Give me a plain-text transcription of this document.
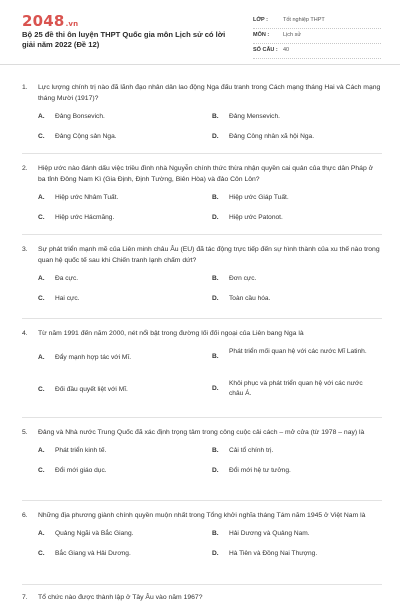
2048.vn
Bộ 25 đề thi ôn luyện THPT Quốc gia môn Lịch sử có lời giải năm 2022 (Đề 12)
LỚP :	Tốt nghiệp THPT
MÔN :	Lịch sử
SỐ CÂU : 40
1. Lực lượng chính trị nào đã lãnh đạo nhân dân lao động Nga đấu tranh trong Cách mạng tháng Hai và Cách mạng tháng Mười (1917)?
A. Đảng Bonsevich.	B. Đảng Mensevich.
C. Đảng Cộng sản Nga.	D. Đảng Công nhân xã hội Nga.
2. Hiệp ước nào đánh dấu việc triều đình nhà Nguyễn chính thức thừa nhận quyền cai quản của thực dân Pháp ở ba tỉnh Đông Nam Kì (Gia Định, Định Tường, Biên Hòa) và đảo Côn Lôn?
A. Hiệp ước Nhâm Tuất.	B. Hiệp ước Giáp Tuất.
C. Hiệp ước Hácmăng.	D. Hiệp ước Patonot.
3. Sự phát triển mạnh mẽ của Liên minh châu Âu (EU) đã tác động trực tiếp đến sự hình thành của xu thế nào trong quan hệ quốc tế sau khi Chiến tranh lạnh chấm dứt?
A. Đa cực.	B. Đơn cực.
C. Hai cực.	D. Toàn cầu hóa.
4. Từ năm 1991 đến năm 2000, nét nổi bật trong đường lối đối ngoại của Liên bang Nga là
A. Đẩy mạnh hợp tác với Mĩ.	B.
Phát triển mối quan hệ với các nước Mĩ Latinh.
C. Đối đầu quyết liệt với Mĩ.	D.
Khôi phục và phát triển quan hệ với các nước châu Á.
5. Đảng và Nhà nước Trung Quốc đã xác định trọng tâm trong công cuộc cải cách – mở cửa (từ 1978 – nay) là
A. Phát triển kinh tế.	B. Cải tổ chính trị.
C. Đổi mới giáo dục.	D. Đổi mới hệ tư tưởng.
6. Những địa phương giành chính quyền muộn nhất trong Tổng khởi nghĩa tháng Tám năm 1945 ở Việt Nam là
A. Quảng Ngãi và Bắc Giang.	B. Hải Dương và Quảng Nam.
C. Bắc Giang và Hải Dương.	D. Hà Tiên và Đồng Nai Thượng.
7. Tổ chức nào được thành lập ở Tây Âu vào năm 1967?
